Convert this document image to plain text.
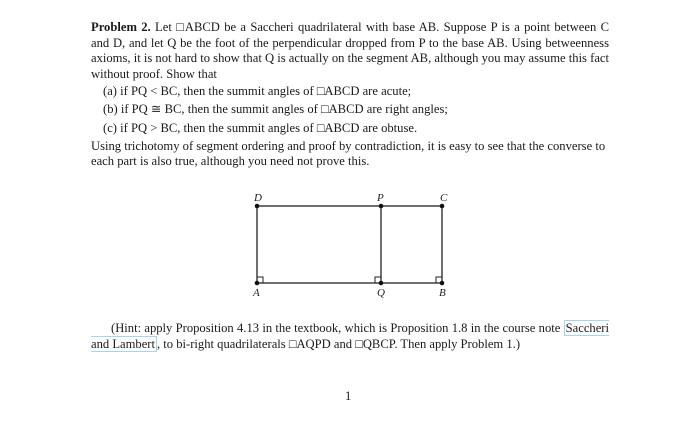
Problem 2. Let □ABCD be a Saccheri quadrilateral with base AB. Suppose P is a point between C and D, and let Q be the foot of the perpendicular dropped from P to the base AB. Using betweenness axioms, it is not hard to show that Q is actually on the segment AB, although you may assume this fact without proof. Show that

(a) if PQ < BC, then the summit angles of □ABCD are acute;
(b) if PQ ≅ BC, then the summit angles of □ABCD are right angles;
(c) if PQ > BC, then the summit angles of □ABCD are obtuse.

Using trichotomy of segment ordering and proof by contradiction, it is easy to see that the converse to each part is also true, although you need not prove this.

D	P	C
A	Q	B

(Hint: apply Proposition 4.13 in the textbook, which is Proposition 1.8 in the course note Saccheri and Lambert , to bi-right quadrilaterals □AQPD and □QBCP. Then apply Problem 1.)

1
